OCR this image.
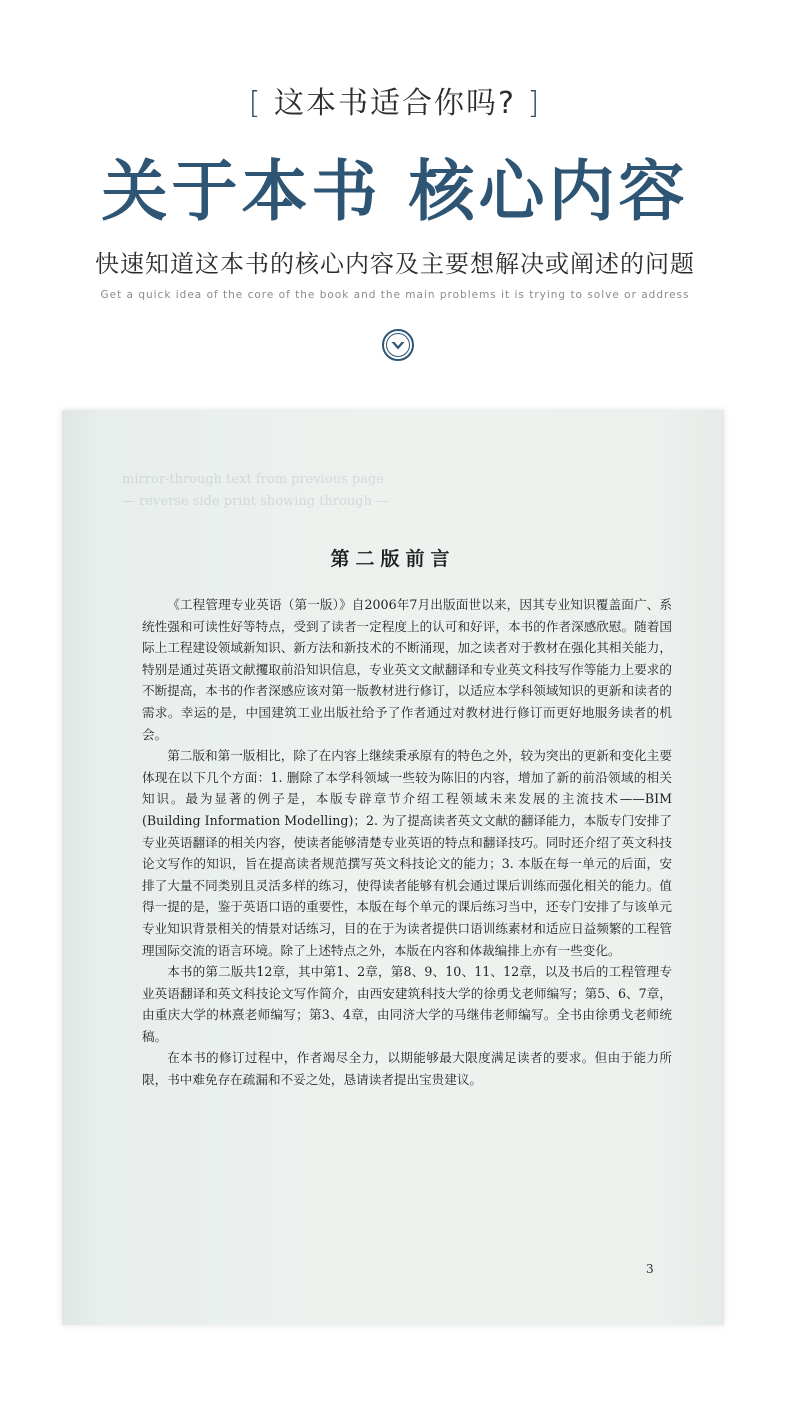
[ 这本书适合你吗? ]
关于本书 核心内容
快速知道这本书的核心内容及主要想解决或阐述的问题
Get a quick idea of the core of the book and the main problems it is trying to solve or address
mirror-through text from previous page
— reverse side print showing through —
第二版前言

《工程管理专业英语（第一版）》自2006年7月出版面世以来，因其专业知识覆盖面广、系统性强和可读性好等特点，受到了读者一定程度上的认可和好评，本书的作者深感欣慰。随着国际上工程建设领域新知识、新方法和新技术的不断涌现，加之读者对于教材在强化其相关能力，特别是通过英语文献攫取前沿知识信息，专业英文文献翻译和专业英文科技写作等能力上要求的不断提高，本书的作者深感应该对第一版教材进行修订，以适应本学科领域知识的更新和读者的需求。幸运的是，中国建筑工业出版社给予了作者通过对教材进行修订而更好地服务读者的机会。

第二版和第一版相比，除了在内容上继续秉承原有的特色之外，较为突出的更新和变化主要体现在以下几个方面：1. 删除了本学科领域一些较为陈旧的内容，增加了新的前沿领域的相关知识。最为显著的例子是，本版专辟章节介绍工程领域未来发展的主流技术——BIM (Building Information Modelling)；2. 为了提高读者英文文献的翻译能力，本版专门安排了专业英语翻译的相关内容，使读者能够清楚专业英语的特点和翻译技巧。同时还介绍了英文科技论文写作的知识，旨在提高读者规范撰写英文科技论文的能力；3. 本版在每一单元的后面，安排了大量不同类别且灵活多样的练习，使得读者能够有机会通过课后训练而强化相关的能力。值得一提的是，鉴于英语口语的重要性，本版在每个单元的课后练习当中，还专门安排了与该单元专业知识背景相关的情景对话练习，目的在于为读者提供口语训练素材和适应日益频繁的工程管理国际交流的语言环境。除了上述特点之外，本版在内容和体裁编排上亦有一些变化。

本书的第二版共12章，其中第1、2章，第8、9、10、11、12章，以及书后的工程管理专业英语翻译和英文科技论文写作简介，由西安建筑科技大学的徐勇戈老师编写；第5、6、7章，由重庆大学的林熹老师编写；第3、4章，由同济大学的马继伟老师编写。全书由徐勇戈老师统稿。

在本书的修订过程中，作者竭尽全力，以期能够最大限度满足读者的要求。但由于能力所限，书中难免存在疏漏和不妥之处，恳请读者提出宝贵建议。

3
